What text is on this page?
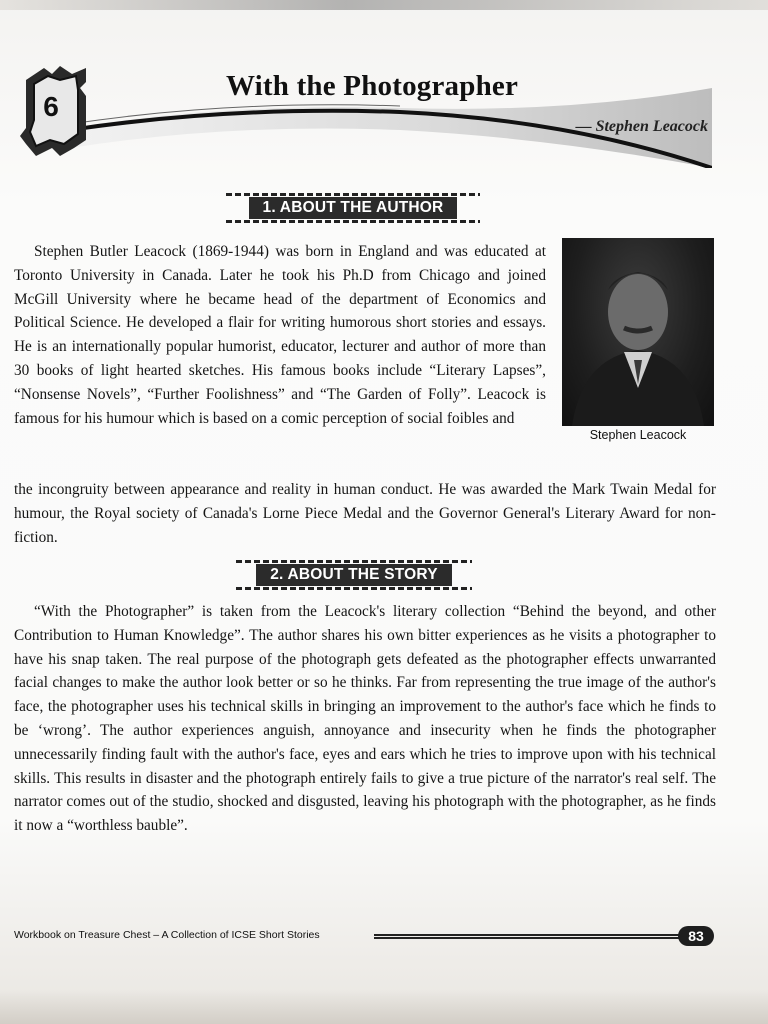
6
With the Photographer
— Stephen Leacock
1. ABOUT THE AUTHOR
Stephen Butler Leacock (1869-1944) was born in England and was educated at Toronto University in Canada. Later he took his Ph.D from Chicago and joined McGill University where he became head of the department of Economics and Political Science. He developed a flair for writing humorous short stories and essays. He is an internationally popular humorist, educator, lecturer and author of more than 30 books of light hearted sketches. His famous books include “Literary Lapses”, “Nonsense Novels”, “Further Foolishness” and “The Garden of Folly”. Leacock is famous for his humour which is based on a comic perception of social foibles and
Stephen Leacock
the incongruity between appearance and reality in human conduct. He was awarded the Mark Twain Medal for humour, the Royal society of Canada's Lorne Piece Medal and the Governor General's Literary Award for non-fiction.
2. ABOUT THE STORY
“With the Photographer” is taken from the Leacock's literary collection “Behind the beyond, and other Contribution to Human Knowledge”. The author shares his own bitter experiences as he visits a photographer to have his snap taken. The real purpose of the photograph gets defeated as the photographer effects unwarranted facial changes to make the author look better or so he thinks. Far from representing the true image of the author's face, the photographer uses his technical skills in bringing an improvement to the author's face which he finds to be ‘wrong’. The author experiences anguish, annoyance and insecurity when he finds the photographer unnecessarily finding fault with the author's face, eyes and ears which he tries to improve upon with his technical skills. This results in disaster and the photograph entirely fails to give a true picture of the narrator's real self. The narrator comes out of the studio, shocked and disgusted, leaving his photograph with the photographer, as he finds it now a “worthless bauble”.
Workbook on Treasure Chest – A Collection of ICSE Short Stories	83
